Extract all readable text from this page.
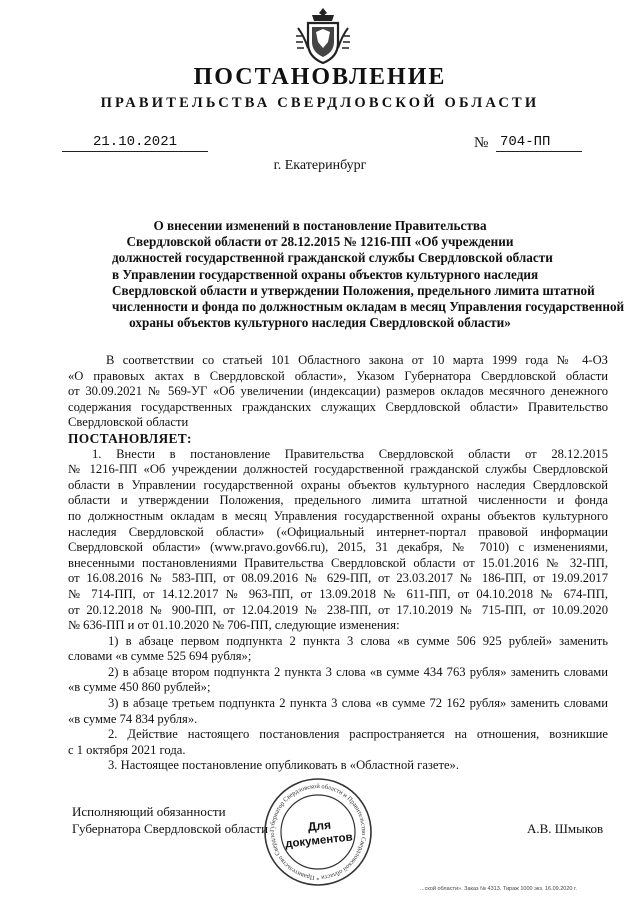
ПОСТАНОВЛЕНИЕ
ПРАВИТЕЛЬСТВА СВЕРДЛОВСКОЙ ОБЛАСТИ
21.10.2021	№ 704-ПП
г. Екатеринбург
О внесении изменений в постановление Правительства
Свердловской области от 28.12.2015 № 1216-ПП «Об учреждении
должностей государственной гражданской службы Свердловской области
в Управлении государственной охраны объектов культурного наследия
Свердловской области и утверждении Положения, предельного лимита штатной
численности и фонда по должностным окладам в месяц Управления государственной
охраны объектов культурного наследия Свердловской области»
В соответствии со статьей 101 Областного закона от 10 марта 1999 года № 4-ОЗ
«О правовых актах в Свердловской области», Указом Губернатора Свердловской области
от 30.09.2021 № 569-УГ «Об увеличении (индексации) размеров окладов месячного денежного
содержания государственных гражданских служащих Свердловской области» Правительство
Свердловской области
ПОСТАНОВЛЯЕТ:
1. Внести в постановление Правительства Свердловской области от 28.12.2015
№ 1216-ПП «Об учреждении должностей государственной гражданской службы Свердловской
области в Управлении государственной охраны объектов культурного наследия Свердловской
области и утверждении Положения, предельного лимита штатной численности и фонда
по должностным окладам в месяц Управления государственной охраны объектов культурного
наследия Свердловской области» («Официальный интернет-портал правовой информации
Свердловской области» (www.pravo.gov66.ru), 2015, 31 декабря, № 7010) с изменениями,
внесенными постановлениями Правительства Свердловской области от 15.01.2016 № 32-ПП,
от 16.08.2016 № 583-ПП, от 08.09.2016 № 629-ПП, от 23.03.2017 № 186-ПП, от 19.09.2017
№ 714-ПП, от 14.12.2017 № 963-ПП, от 13.09.2018 № 611-ПП, от 04.10.2018 № 674-ПП,
от 20.12.2018 № 900-ПП, от 12.04.2019 № 238-ПП, от 17.10.2019 № 715-ПП, от 10.09.2020
№ 636-ПП и от 01.10.2020 № 706-ПП, следующие изменения:
1) в абзаце первом подпункта 2 пункта 3 слова «в сумме 506 925 рублей» заменить
словами «в сумме 525 694 рубля»;
2) в абзаце втором подпункта 2 пункта 3 слова «в сумме 434 763 рубля» заменить словами
«в сумме 450 860 рублей»;
3) в абзаце третьем подпункта 2 пункта 3 слова «в сумме 72 162 рубля» заменить словами
«в сумме 74 834 рубля».
2. Действие настоящего постановления распространяется на отношения, возникшие
с 1 октября 2021 года.
3. Настоящее постановление опубликовать в «Областной газете».
Исполняющий обязанности
Губернатора Свердловской области	А.В. Шмыков
Губернатор Свердловской области и Правительство Свердловской области * Правительство Свердло
Для
документов
...ской области». Заказ № 4313. Тираж 1000 экз. 16.09.2020 г.
